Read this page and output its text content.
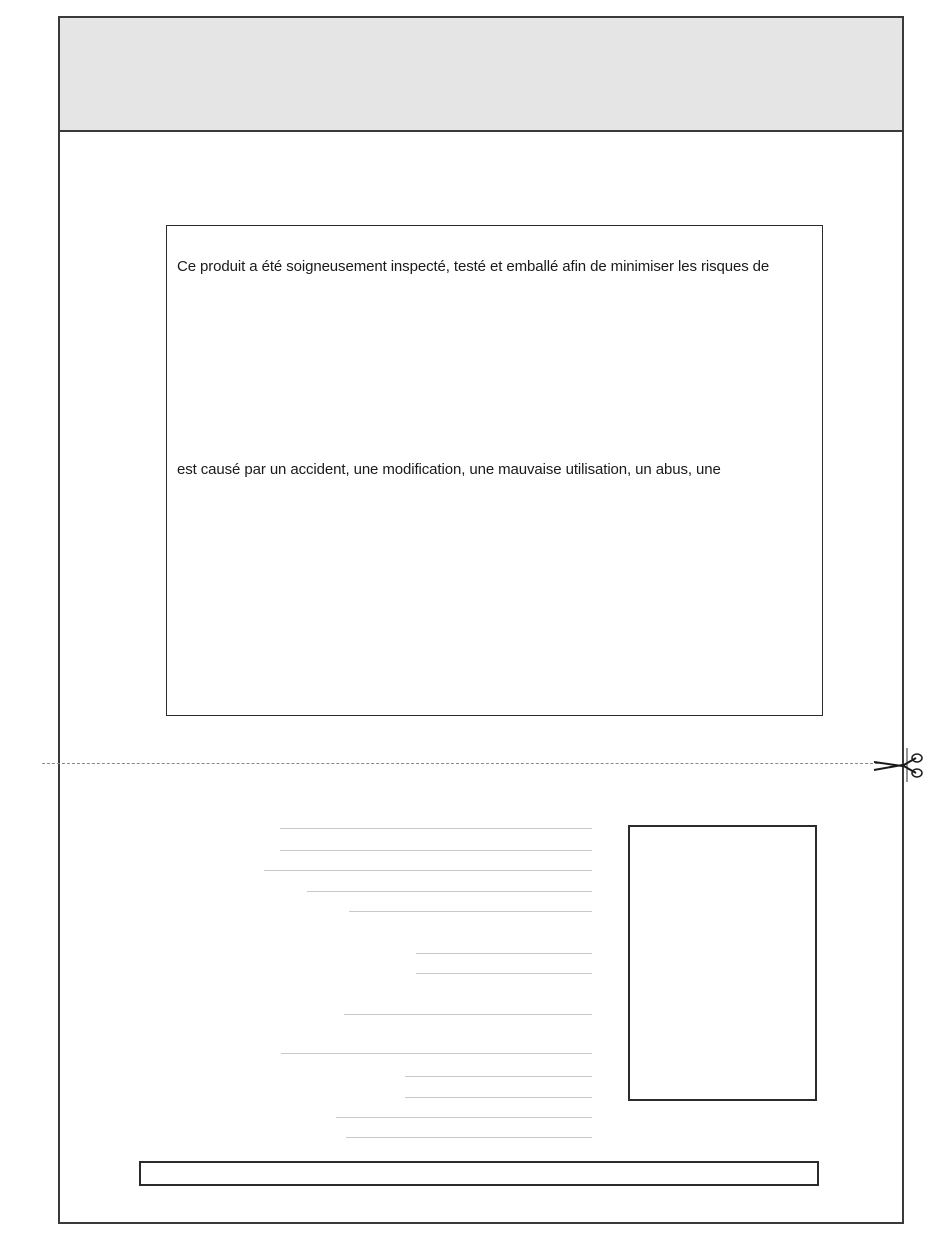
Ce produit a été soigneusement inspecté, testé et emballé afin de minimiser les risques de
est causé par un accident, une modification, une mauvaise utilisation, un abus, une
